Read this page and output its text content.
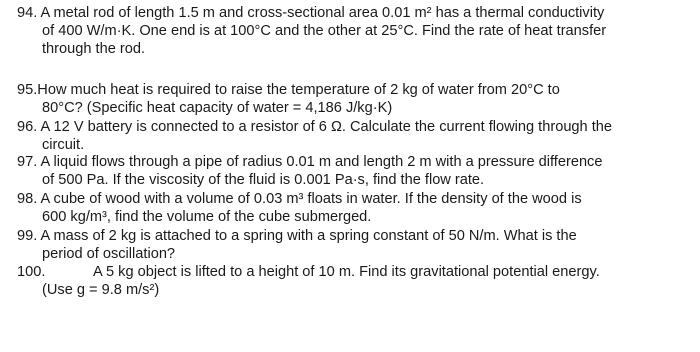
94. A metal rod of length 1.5 m and cross-sectional area 0.01 m² has a thermal conductivity
of 400 W/m·K. One end is at 100°C and the other at 25°C. Find the rate of heat transfer
through the rod.
95.How much heat is required to raise the temperature of 2 kg of water from 20°C to
80°C? (Specific heat capacity of water = 4,186 J/kg·K)
96. A 12 V battery is connected to a resistor of 6 Ω. Calculate the current flowing through the
circuit.
97. A liquid flows through a pipe of radius 0.01 m and length 2 m with a pressure difference
of 500 Pa. If the viscosity of the fluid is 0.001 Pa·s, find the flow rate.
98. A cube of wood with a volume of 0.03 m³ floats in water. If the density of the wood is
600 kg/m³, find the volume of the cube submerged.
99. A mass of 2 kg is attached to a spring with a spring constant of 50 N/m. What is the
period of oscillation?
100.	A 5 kg object is lifted to a height of 10 m. Find its gravitational potential energy.
(Use g = 9.8 m/s²)
